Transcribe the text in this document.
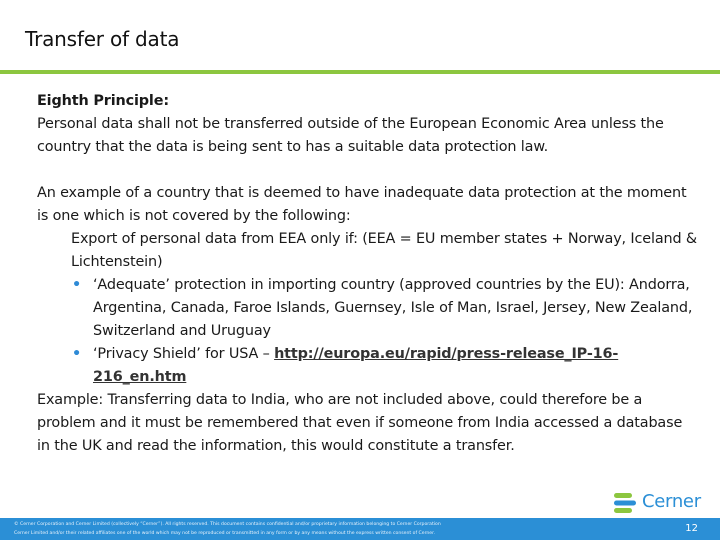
Transfer of data

Eighth Principle:

Personal data shall not be transferred outside of the European Economic Area unless the country that the data is being sent to has a suitable data protection law.

An example of a country that is deemed to have inadequate data protection at the moment is one which is not covered by the following:

Export of personal data from EEA only if: (EEA = EU member states + Norway, Iceland & Lichtenstein)

• ‘Adequate’ protection in importing country (approved countries by the EU): Andorra, Argentina, Canada, Faroe Islands, Guernsey, Isle of Man, Israel, Jersey, New Zealand, Switzerland and Uruguay

• ‘Privacy Shield’ for USA – http://europa.eu/rapid/press-release_IP-16-216_en.htm

Example: Transferring data to India, who are not included above, could therefore be a problem and it must be remembered that even if someone from India accessed a database in the UK and read the information, this would constitute a transfer.

Cerner
© Cerner Corporation and Cerner Limited (collectively “Cerner”). All rights reserved. This document contains confidential and/or proprietary information belonging to Cerner Corporation
Cerner Limited and/or their related affiliates one of the world which may not be reproduced or transmitted in any form or by any means without the express written consent of Cerner.	12
